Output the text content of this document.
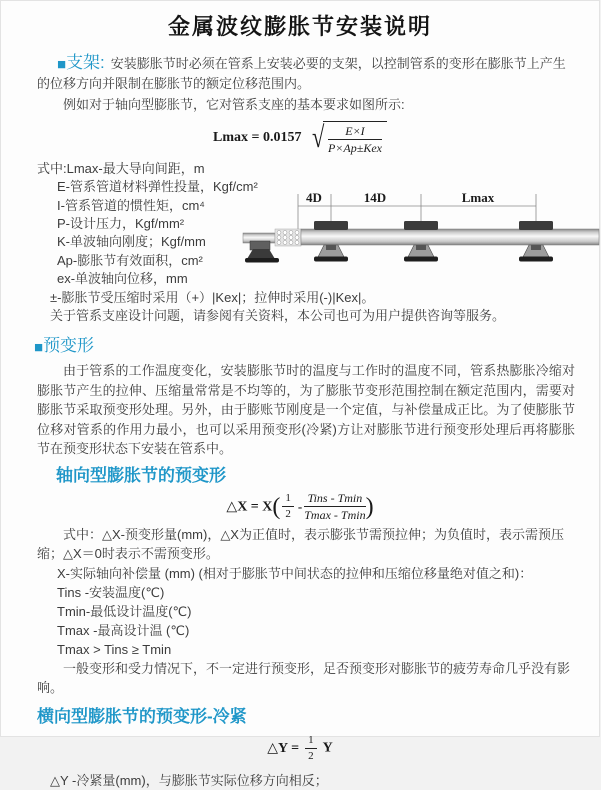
金属波纹膨胀节安装说明

■支架: 安装膨胀节时必须在管系上安装必要的支架，以控制管系的变形在膨胀节上产生的位移方向并限制在膨胀节的额定位移范围内。

例如对于轴向型膨胀节，它对管系支座的基本要求如图所示:

Lmax = 0.0157 √ $\frac{E\times I}{\text{P×Ap±Kex}}$
式中:Lmax-最大导向间距，m
E-管系管道材料弹性投量，Kgf/cm²
I-管系管道的惯性矩，cm⁴
P-设计压力，Kgf/mm²
K-单波轴向刚度；Kgf/mm
Ap-膨胀节有效面积，cm²
ex-单波轴向位移，mm
±-膨胀节受压缩时采用（+）|Kex|；拉伸时采用(-)|Kex|。
关于管系支座设计问题，请参阅有关资料，本公司也可为用户提供咨询等服务。
4D	14D	Lmax
■预变形

由于管系的工作温度变化，安装膨胀节时的温度与工作时的温度不同，管系热膨胀冷缩对膨胀节产生的拉伸、压缩量常常是不均等的，为了膨胀节变形范围控制在额定范围内，需要对膨胀节采取预变形处理。另外，由于膨账节刚度是一个定值，与补偿量成正比。为了使膨胀节位移对管系的作用力最小，也可以采用预变形(冷紧)方让对膨胀节进行预变形处理后再将膨胀节在预变形状态下安装在管系中。

轴向型膨胀节的预变形
△X = $X( \frac{1}{2} - \frac{\text{Tins - Tmin}}{Tmax - Tmin}$ )

式中：△X-预变形量(mm)，△X为正值时，表示膨张节需预拉伸；为负值时，表示需预压缩；△X＝0时表示不需预变形。

X-实际轴向补偿量 (mm) (相对于膨胀节中间状态的拉伸和压缩位移量绝对值之和)：
Tins -安装温度(℃)
Tmin-最低设计温度(℃)
Tmax -最高设计温 (℃)
Tmax > Tins ≥ Tmin

一般变形和受力情况下，不一定进行预变形，足否预变形对膨胀节的疲劳寿命几乎没有影响。

横向型膨胀节的预变形-冷紧
△Y = $\frac{1}{2}$ Y

△Y -冷紧量(mm)，与膨胀节实际位移方向相反；
